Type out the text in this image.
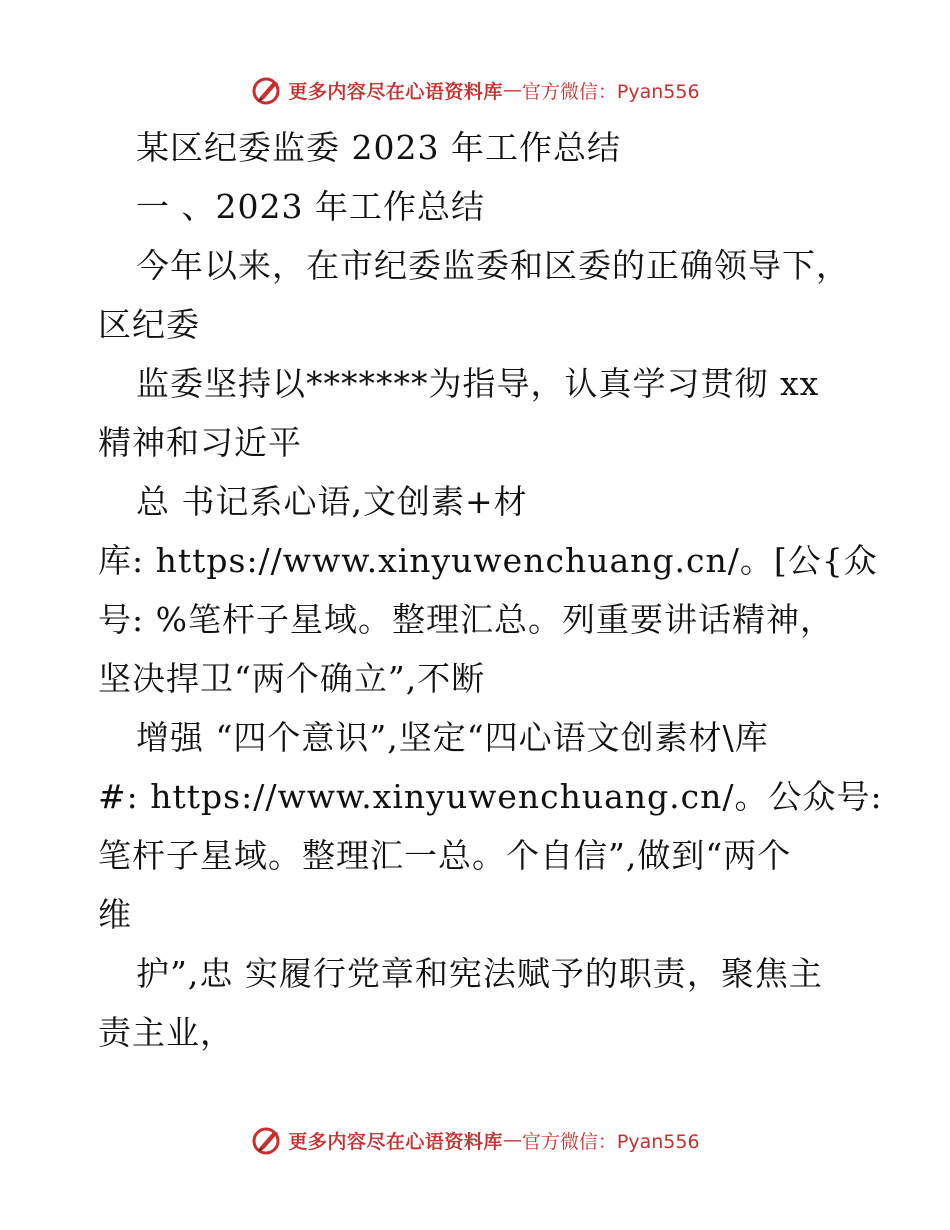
更多内容尽在心语资料库 — 官方微信：Pyan556
某区纪委监委 2023 年工作总结
一 、2023 年工作总结
今年以来，在市纪委监委和区委的正确领导下，
区纪委
监委坚持以*******为指导，认真学习贯彻 xx
精神和习近平
总 书记系心语,文创素+材
库: https://www.xinyuwenchuang.cn/。[公{众
号: %笔杆子星域。整理汇总。列重要讲话精神，
坚决捍卫“两个确立”,不断
增强 “四个意识”,坚定“四心语文创素材\库
#: https://www.xinyuwenchuang.cn/。公众号:
笔杆子星域。整理汇一总。个自信”,做到“两个
维
护”,忠 实履行党章和宪法赋予的职责，聚焦主
责主业，
更多内容尽在心语资料库 — 官方微信：Pyan556
